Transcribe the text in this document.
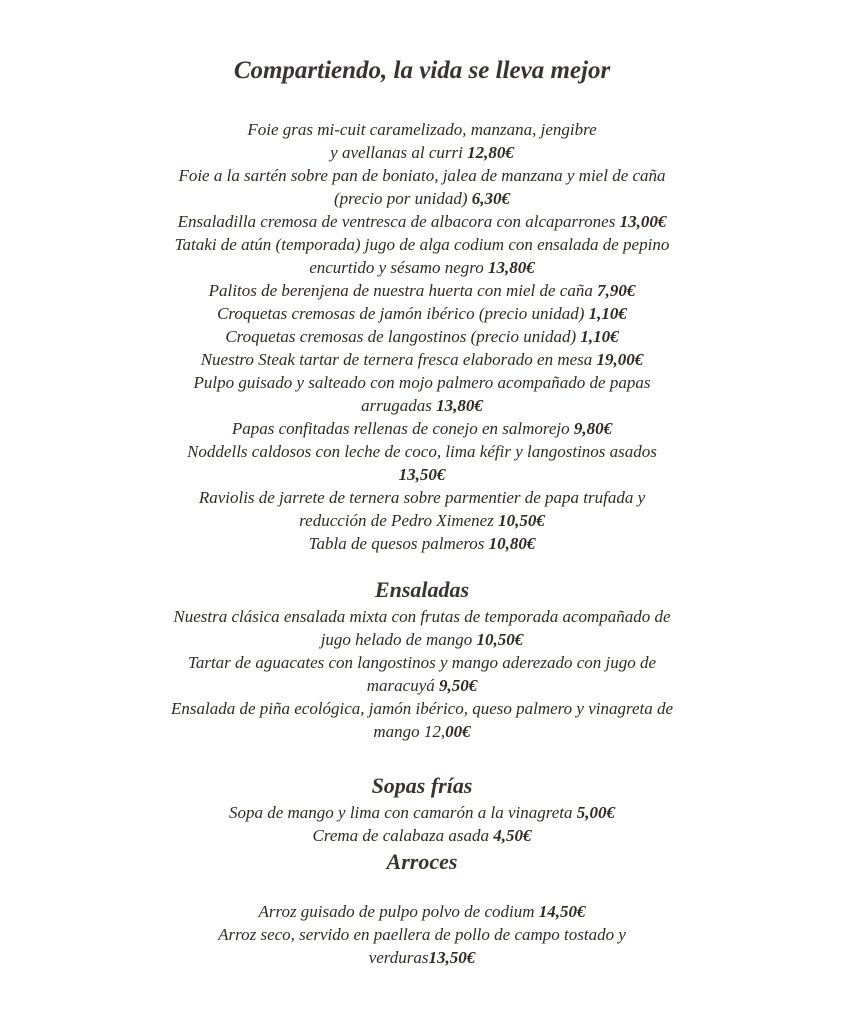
Compartiendo, la vida se lleva mejor
Foie gras mi-cuit caramelizado, manzana, jengibre
y avellanas al curri 12,80€
Foie a la sartén sobre pan de boniato, jalea de manzana y miel de caña
(precio por unidad) 6,30€
Ensaladilla cremosa de ventresca de albacora con alcaparrones 13,00€
Tataki de atún (temporada) jugo de alga codium con ensalada de pepino
encurtido y sésamo negro 13,80€
Palitos de berenjena de nuestra huerta con miel de caña 7,90€
Croquetas cremosas de jamón ibérico (precio unidad) 1,10€
Croquetas cremosas de langostinos (precio unidad) 1,10€
Nuestro Steak tartar de ternera fresca elaborado en mesa 19,00€
Pulpo guisado y salteado con mojo palmero acompañado de papas
arrugadas 13,80€
Papas confitadas rellenas de conejo en salmorejo 9,80€
Noddells caldosos con leche de coco, lima kéfir y langostinos asados
13,50€
Raviolis de jarrete de ternera sobre parmentier de papa trufada y
reducción de Pedro Ximenez 10,50€
Tabla de quesos palmeros 10,80€
Ensaladas
Nuestra clásica ensalada mixta con frutas de temporada acompañado de
jugo helado de mango 10,50€
Tartar de aguacates con langostinos y mango aderezado con jugo de
maracuyá 9,50€
Ensalada de piña ecológica, jamón ibérico, queso palmero y vinagreta de
mango 12,00€
Sopas frías
Sopa de mango y lima con camarón a la vinagreta 5,00€
Crema de calabaza asada 4,50€
Arroces
Arroz guisado de pulpo polvo de codium 14,50€
Arroz seco, servido en paellera de pollo de campo tostado y
verduras13,50€
